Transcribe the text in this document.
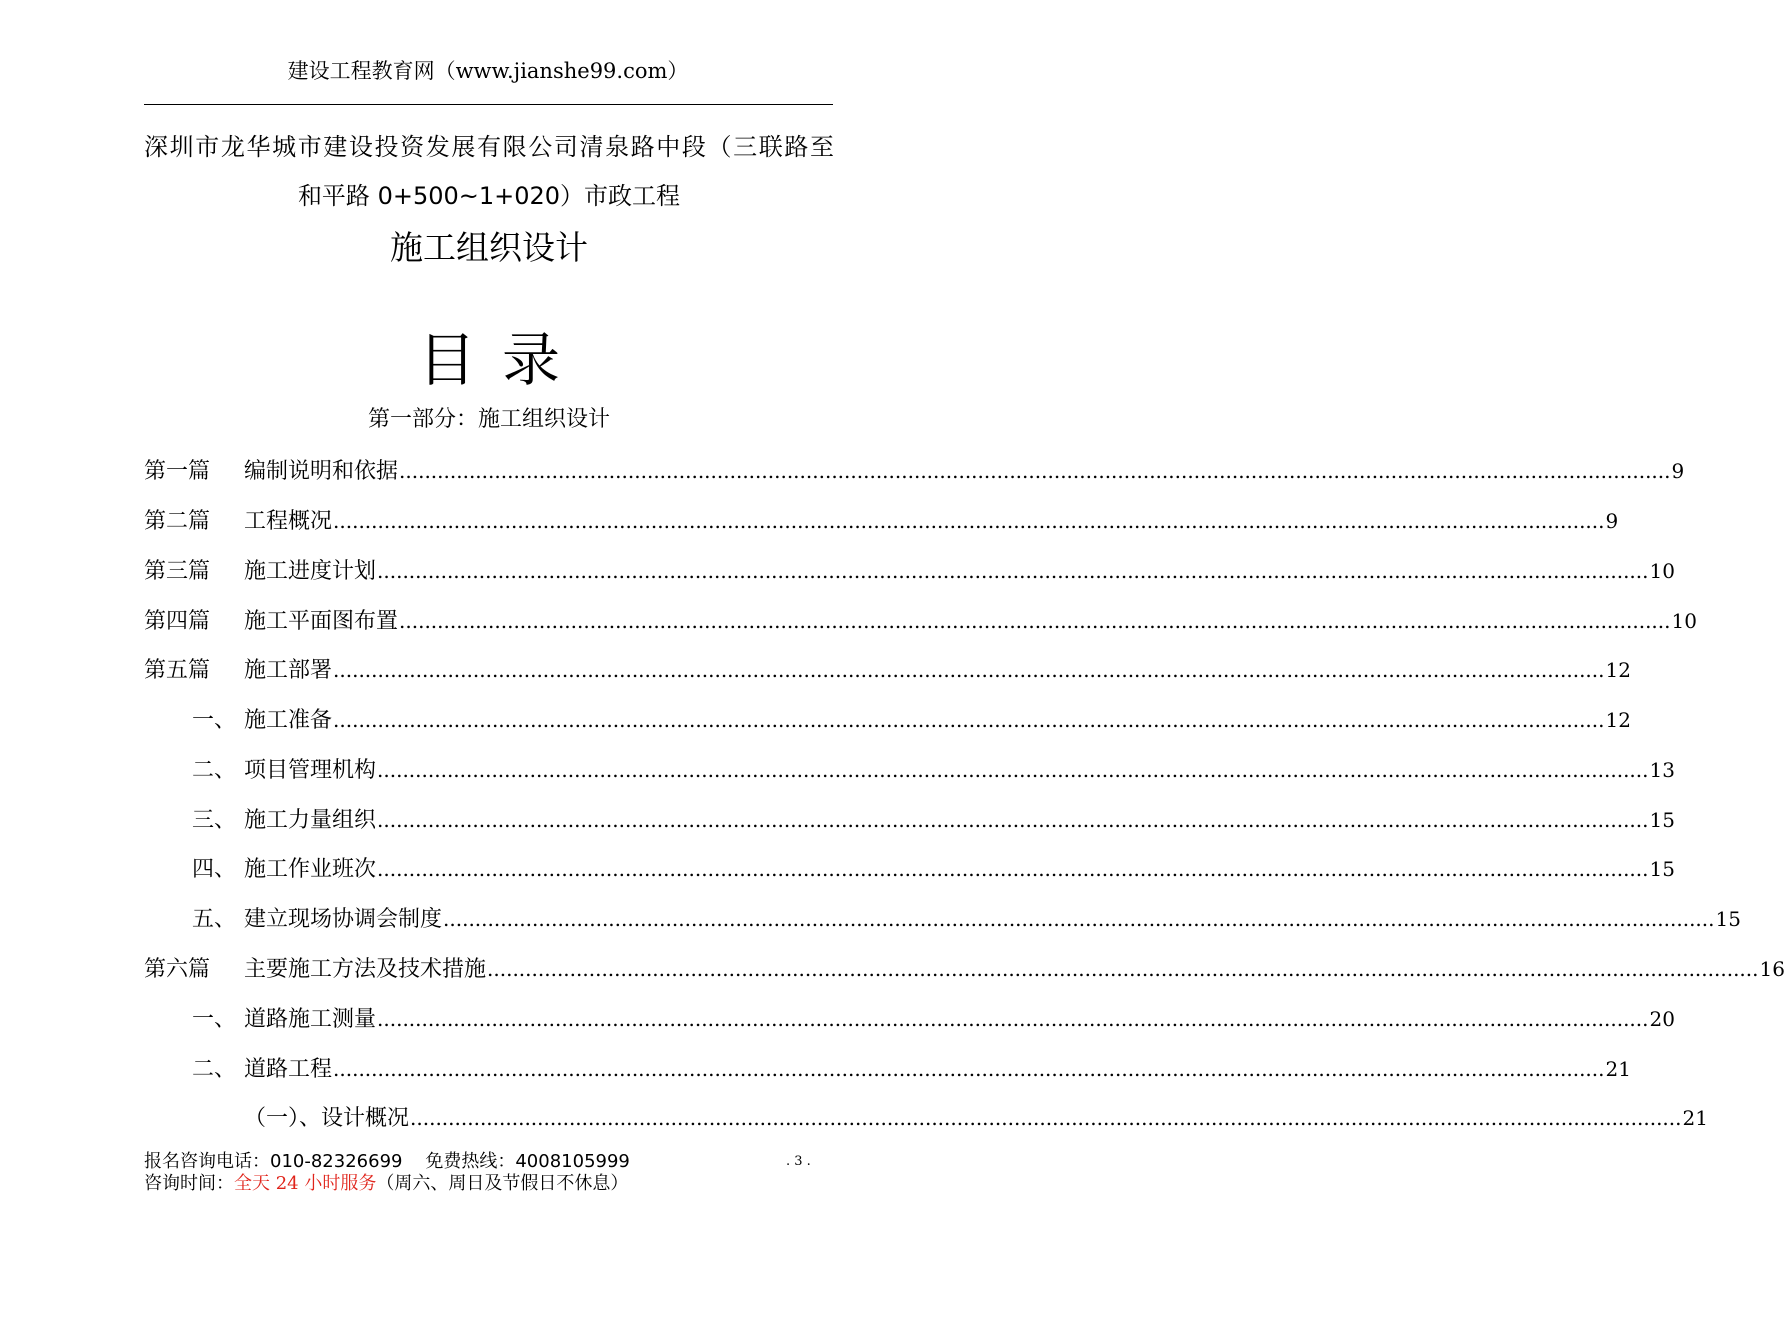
建设工程教育网（www.jianshe99.com）
深圳市龙华城市建设投资发展有限公司清泉路中段（三联路至
和平路 0+500~1+020）市政工程
施工组织设计
目录
第一部分：施工组织设计
第一篇	编制说明和依据 ........................................................................................................................................................................................................ 9
第二篇	工程概况 ........................................................................................................................................................................................................ 9
第三篇	施工进度计划 ........................................................................................................................................................................................................ 10
第四篇	施工平面图布置 ........................................................................................................................................................................................................ 10
第五篇	施工部署 ........................................................................................................................................................................................................ 12
一、 施工准备 ........................................................................................................................................................................................................ 12
二、 项目管理机构 ........................................................................................................................................................................................................ 13
三、 施工力量组织 ........................................................................................................................................................................................................ 15
四、 施工作业班次 ........................................................................................................................................................................................................ 15
五、 建立现场协调会制度 ........................................................................................................................................................................................................ 15
第六篇	主要施工方法及技术措施 ........................................................................................................................................................................................................ 16
一、 道路施工测量 ........................................................................................................................................................................................................ 20
二、 道路工程 ........................................................................................................................................................................................................ 21
（一）、设计概况 ........................................................................................................................................................................................................ 21
报名咨询电话：010-82326699 免费热线：4008105999
咨询时间：全天 24 小时服务（周六、周日及节假日不休息）
. 3 .
